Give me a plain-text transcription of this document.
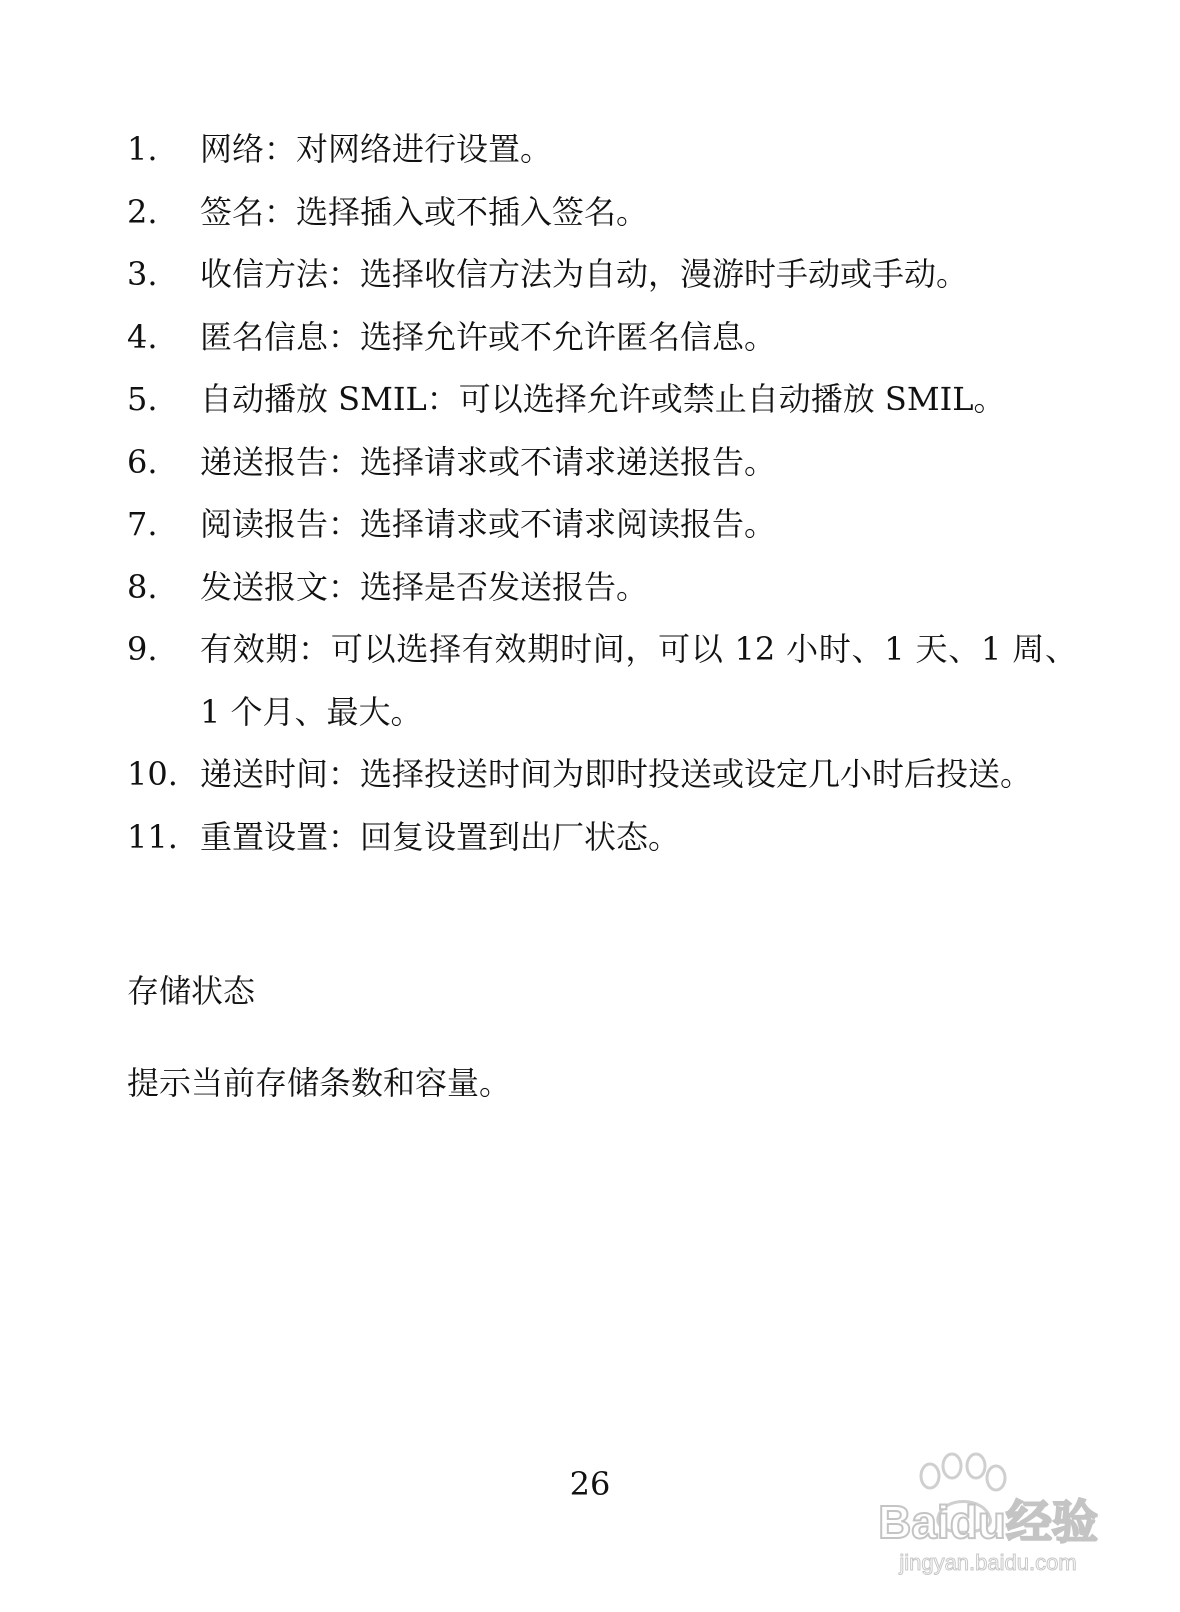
1.	网络：对网络进行设置。
2.	签名：选择插入或不插入签名。
3.	收信方法：选择收信方法为自动，漫游时手动或手动。
4.	匿名信息：选择允许或不允许匿名信息。
5.	自动播放 SMIL：可以选择允许或禁止自动播放 SMIL。
6.	递送报告：选择请求或不请求递送报告。
7.	阅读报告：选择请求或不请求阅读报告。
8.	发送报文：选择是否发送报告。
9.	有效期：可以选择有效期时间，可以 12 小时、1 天、1 周、1 个月、最大。
10. 递送时间：选择投送时间为即时投送或设定几小时后投送。
11. 重置设置：回复设置到出厂状态。
存储状态
提示当前存储条数和容量。
26
Baidu经验
jingyan.baidu.com
